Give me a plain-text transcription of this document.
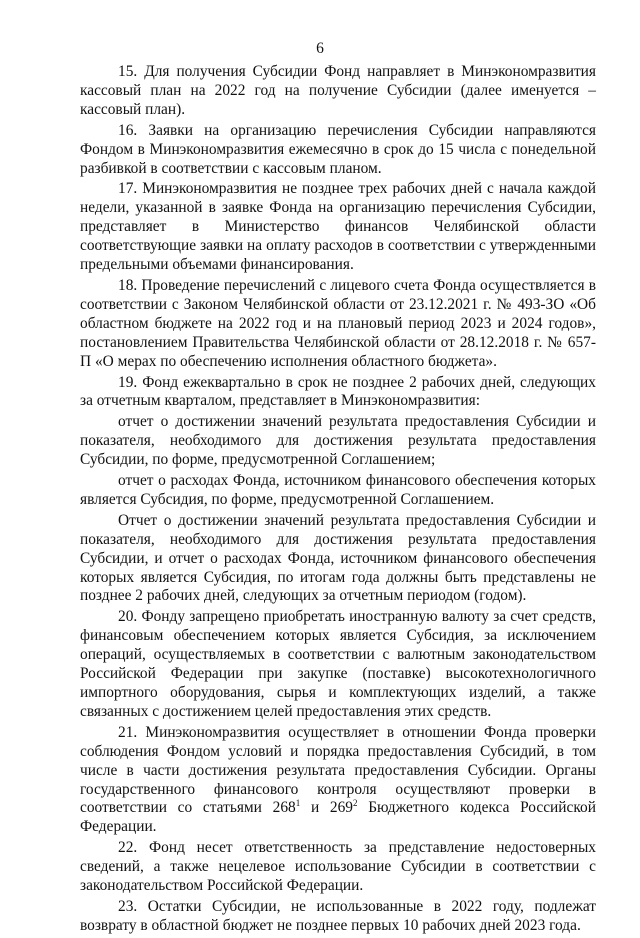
6

15. Для получения Субсидии Фонд направляет в Минэкономразвития кассовый план на 2022 год на получение Субсидии (далее именуется – кассовый план).

16. Заявки на организацию перечисления Субсидии направляются Фондом в Минэкономразвития ежемесячно в срок до 15 числа с понедельной разбивкой в соответствии с кассовым планом.

17. Минэкономразвития не позднее трех рабочих дней с начала каждой недели, указанной в заявке Фонда на организацию перечисления Субсидии, представляет в Министерство финансов Челябинской области соответствующие заявки на оплату расходов в соответствии с утвержденными предельными объемами финансирования.

18. Проведение перечислений с лицевого счета Фонда осуществляется в соответствии с Законом Челябинской области от 23.12.2021 г. № 493-ЗО «Об областном бюджете на 2022 год и на плановый период 2023 и 2024 годов», постановлением Правительства Челябинской области от 28.12.2018 г. № 657-П «О мерах по обеспечению исполнения областного бюджета».

19. Фонд ежеквартально в срок не позднее 2 рабочих дней, следующих за отчетным кварталом, представляет в Минэкономразвития:

отчет о достижении значений результата предоставления Субсидии и показателя, необходимого для достижения результата предоставления Субсидии, по форме, предусмотренной Соглашением;

отчет о расходах Фонда, источником финансового обеспечения которых является Субсидия, по форме, предусмотренной Соглашением.

Отчет о достижении значений результата предоставления Субсидии и показателя, необходимого для достижения результата предоставления Субсидии, и отчет о расходах Фонда, источником финансового обеспечения которых является Субсидия, по итогам года должны быть представлены не позднее 2 рабочих дней, следующих за отчетным периодом (годом).

20. Фонду запрещено приобретать иностранную валюту за счет средств, финансовым обеспечением которых является Субсидия, за исключением операций, осуществляемых в соответствии с валютным законодательством Российской Федерации при закупке (поставке) высокотехнологичного импортного оборудования, сырья и комплектующих изделий, а также связанных с достижением целей предоставления этих средств.

21. Минэкономразвития осуществляет в отношении Фонда проверки соблюдения Фондом условий и порядка предоставления Субсидий, в том числе в части достижения результата предоставления Субсидии. Органы государственного финансового контроля осуществляют проверки в соответствии со статьями $268^1$ и $269^2$ Бюджетного кодекса Российской Федерации.

22. Фонд несет ответственность за представление недостоверных сведений, а также нецелевое использование Субсидии в соответствии с законодательством Российской Федерации.

23. Остатки Субсидии, не использованные в 2022 году, подлежат возврату в областной бюджет не позднее первых 10 рабочих дней 2023 года.
